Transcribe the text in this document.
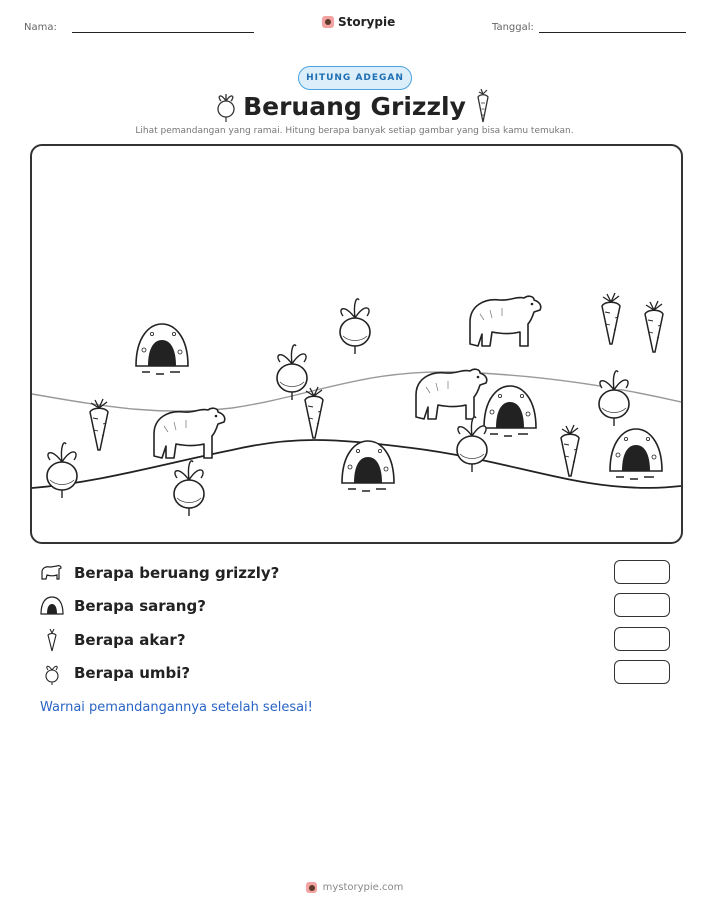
Nama:	Storypie	Tanggal:
HITUNG ADEGAN
Beruang Grizzly
Lihat pemandangan yang ramai. Hitung berapa banyak setiap gambar yang bisa kamu temukan.
Berapa beruang grizzly?
Berapa sarang?
Berapa akar?
Berapa umbi?
Warnai pemandangannya setelah selesai!
mystorypie.com
